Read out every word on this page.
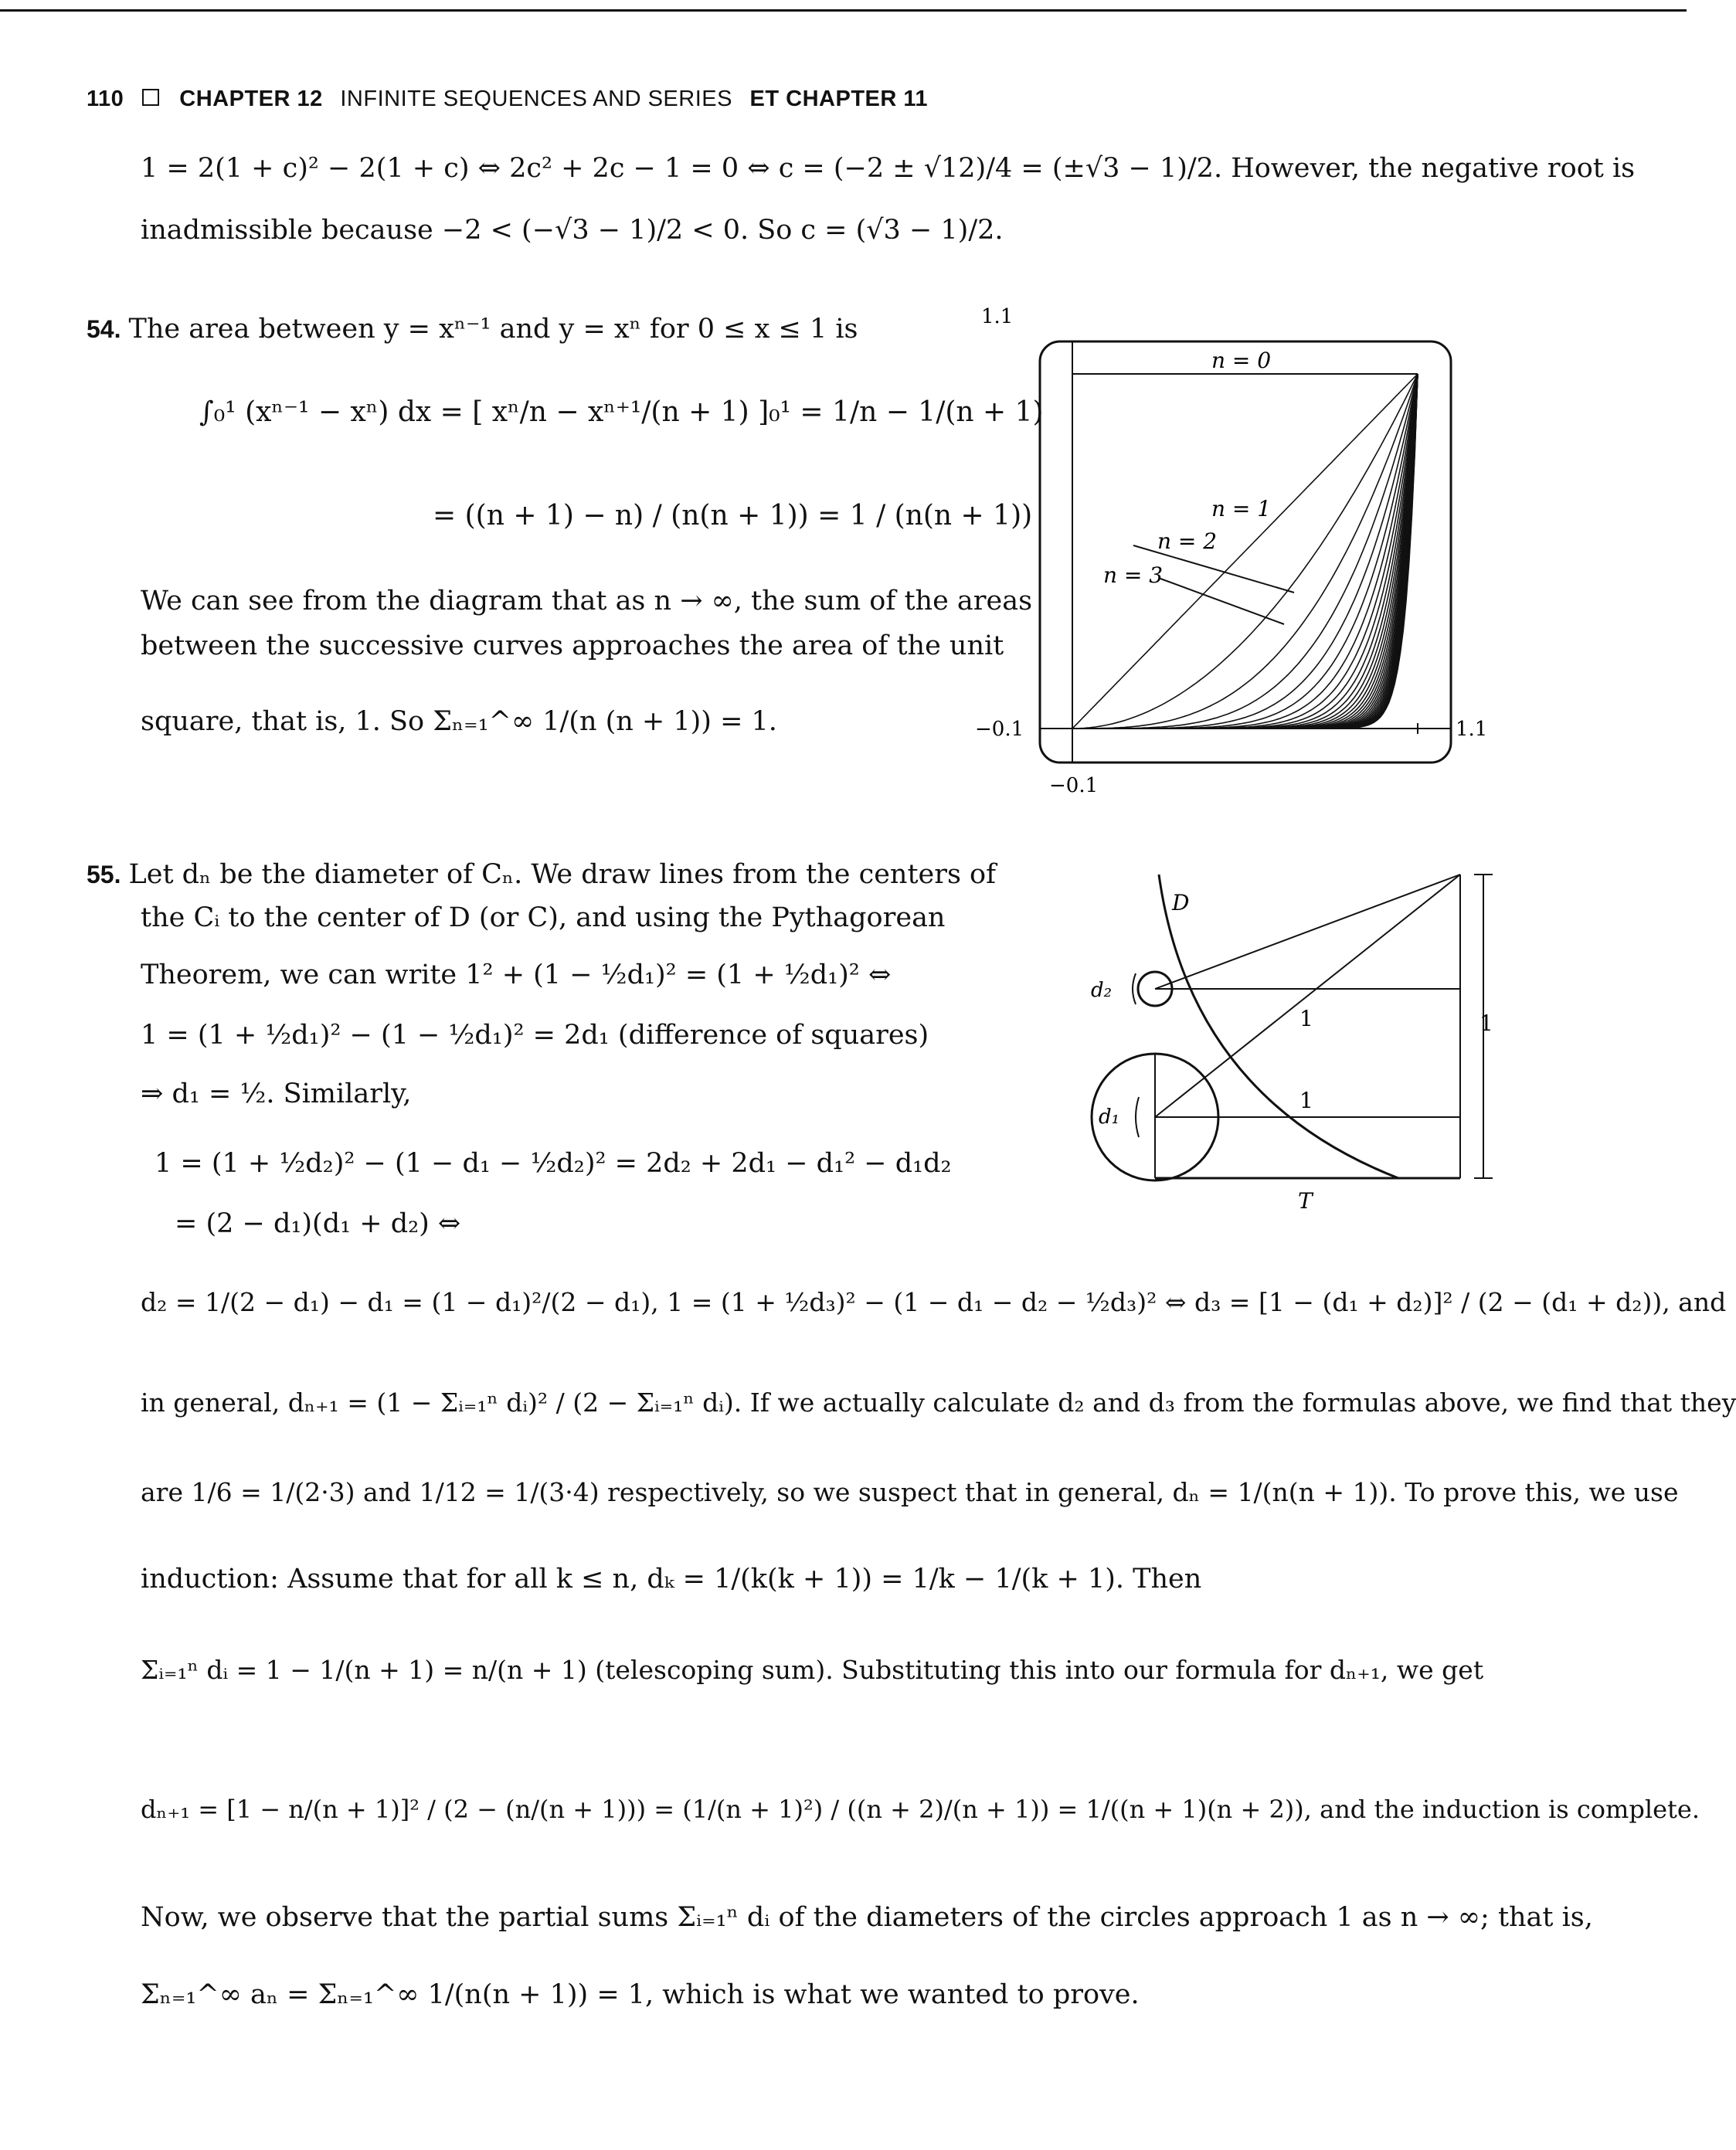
110 CHAPTER 12 INFINITE SEQUENCES AND SERIES ET CHAPTER 11
1 = 2(1 + c)² − 2(1 + c) ⇔ 2c² + 2c − 1 = 0 ⇔ c = (−2 ± √12)/4 = (±√3 − 1)/2. However, the negative root is
inadmissible because −2 < (−√3 − 1)/2 < 0. So c = (√3 − 1)/2.
54. The area between y = xⁿ⁻¹ and y = xⁿ for 0 ≤ x ≤ 1 is
∫₀¹ (xⁿ⁻¹ − xⁿ) dx = [ xⁿ/n − xⁿ⁺¹/(n + 1) ]₀¹ = 1/n − 1/(n + 1)
= ((n + 1) − n) / (n(n + 1)) = 1 / (n(n + 1))
We can see from the diagram that as n → ∞, the sum of the areas
between the successive curves approaches the area of the unit
square, that is, 1. So Σₙ₌₁^∞ 1/(n (n + 1)) = 1.
1.1
−0.1	1.1
−0.1
n = 0
n = 1
n = 2
n = 3
55. Let dₙ be the diameter of Cₙ. We draw lines from the centers of
the Cᵢ to the center of D (or C), and using the Pythagorean
Theorem, we can write 1² + (1 − ½d₁)² = (1 + ½d₁)² ⇔
1 = (1 + ½d₁)² − (1 − ½d₁)² = 2d₁ (difference of squares)
⇒ d₁ = ½. Similarly,
1 = (1 + ½d₂)² − (1 − d₁ − ½d₂)² = 2d₂ + 2d₁ − d₁² − d₁d₂
= (2 − d₁)(d₁ + d₂) ⇔
d₂ = 1/(2 − d₁) − d₁ = (1 − d₁)²/(2 − d₁), 1 = (1 + ½d₃)² − (1 − d₁ − d₂ − ½d₃)² ⇔ d₃ = [1 − (d₁ + d₂)]² / (2 − (d₁ + d₂)), and
in general, dₙ₊₁ = (1 − Σᵢ₌₁ⁿ dᵢ)² / (2 − Σᵢ₌₁ⁿ dᵢ). If we actually calculate d₂ and d₃ from the formulas above, we find that they
are 1/6 = 1/(2·3) and 1/12 = 1/(3·4) respectively, so we suspect that in general, dₙ = 1/(n(n + 1)). To prove this, we use
induction: Assume that for all k ≤ n, dₖ = 1/(k(k + 1)) = 1/k − 1/(k + 1). Then
Σᵢ₌₁ⁿ dᵢ = 1 − 1/(n + 1) = n/(n + 1) (telescoping sum). Substituting this into our formula for dₙ₊₁, we get
dₙ₊₁ = [1 − n/(n + 1)]² / (2 − (n/(n + 1))) = (1/(n + 1)²) / ((n + 2)/(n + 1)) = 1/((n + 1)(n + 2)), and the induction is complete.
Now, we observe that the partial sums Σᵢ₌₁ⁿ dᵢ of the diameters of the circles approach 1 as n → ∞; that is,
Σₙ₌₁^∞ aₙ = Σₙ₌₁^∞ 1/(n(n + 1)) = 1, which is what we wanted to prove.
D
d₂
d₁
1
1
1
T
